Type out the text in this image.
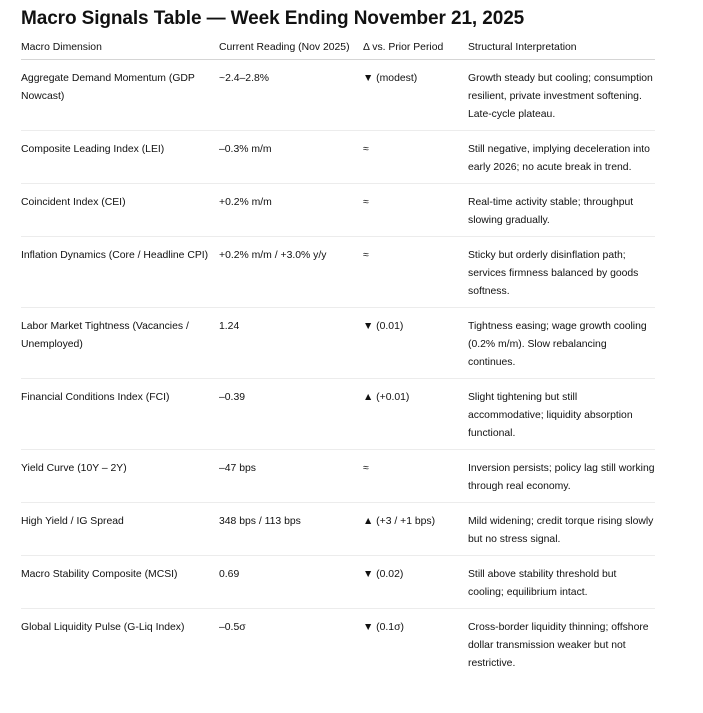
Macro Signals Table — Week Ending November 21, 2025
Macro Dimension	Current Reading (Nov 2025)	Δ vs. Prior Period	Structural Interpretation
Aggregate Demand Momentum (GDP Nowcast)	~2.4–2.8%	▼ (modest)	Growth steady but cooling; consumption resilient, private investment softening. Late-cycle plateau.
Composite Leading Index (LEI)	–0.3% m/m	≈	Still negative, implying deceleration into early 2026; no acute break in trend.
Coincident Index (CEI)	+0.2% m/m	≈	Real-time activity stable; throughput slowing gradually.
Inflation Dynamics (Core / Headline CPI)	+0.2% m/m / +3.0% y/y	≈	Sticky but orderly disinflation path; services firmness balanced by goods softness.
Labor Market Tightness (Vacancies / Unemployed)	1.24	▼ (0.01)	Tightness easing; wage growth cooling (0.2% m/m). Slow rebalancing continues.
Financial Conditions Index (FCI)	–0.39	▲ (+0.01)	Slight tightening but still accommodative; liquidity absorption functional.
Yield Curve (10Y – 2Y)	–47 bps	≈	Inversion persists; policy lag still working through real economy.
High Yield / IG Spread	348 bps / 113 bps	▲ (+3 / +1 bps)	Mild widening; credit torque rising slowly but no stress signal.
Macro Stability Composite (MCSI)	0.69	▼ (0.02)	Still above stability threshold but cooling; equilibrium intact.
Global Liquidity Pulse (G-Liq Index)	–0.5σ	▼ (0.1σ)	Cross-border liquidity thinning; offshore dollar transmission weaker but not restrictive.
